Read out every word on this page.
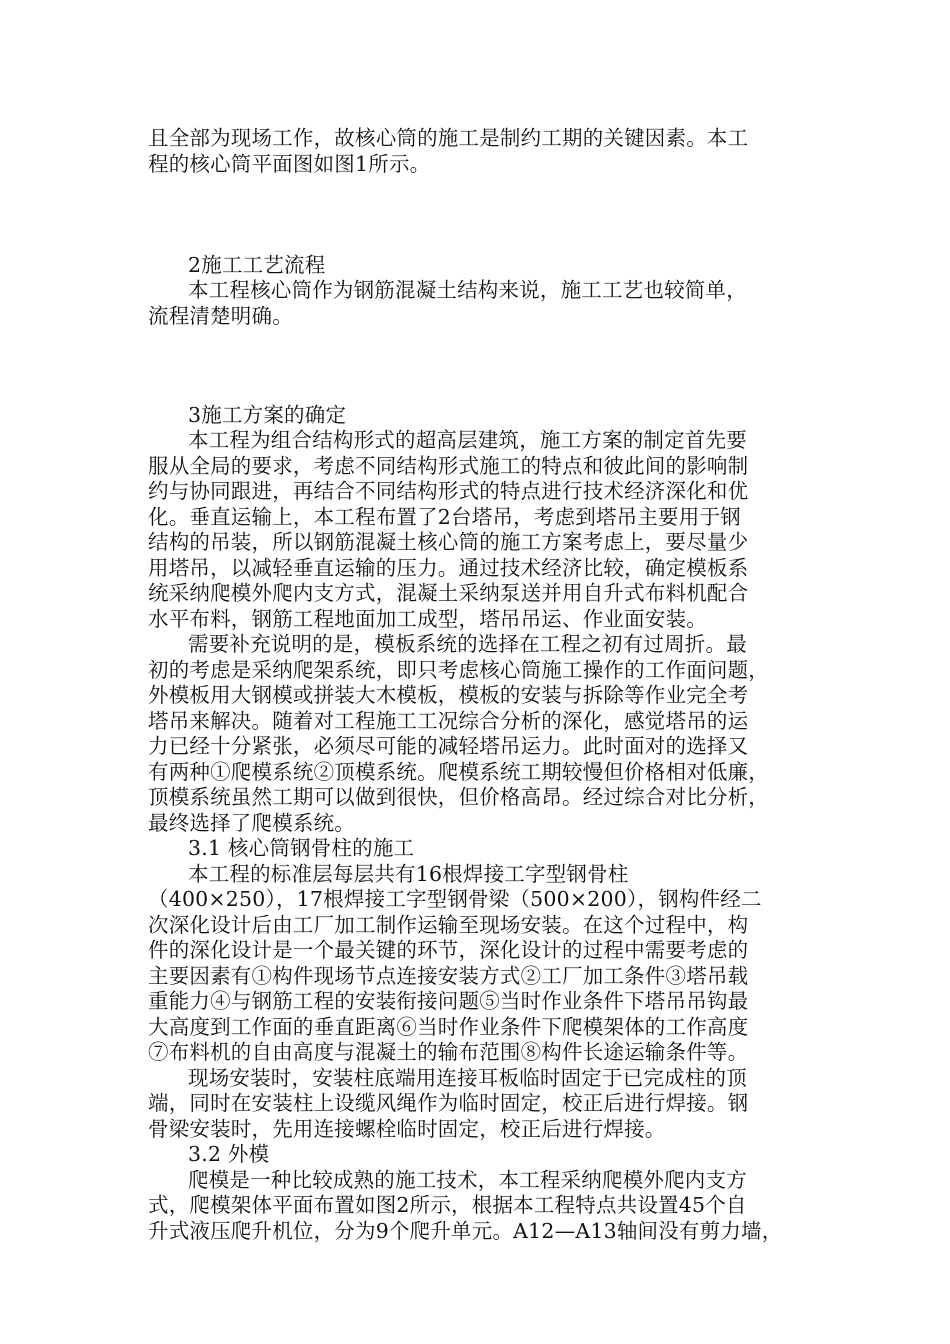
且全部为现场工作，故核心筒的施工是制约工期的关键因素。本工
程的核心筒平面图如图1所示。
2施工工艺流程
本工程核心筒作为钢筋混凝土结构来说，施工工艺也较简单，
流程清楚明确。
3施工方案的确定
本工程为组合结构形式的超高层建筑，施工方案的制定首先要
服从全局的要求，考虑不同结构形式施工的特点和彼此间的影响制
约与协同跟进，再结合不同结构形式的特点进行技术经济深化和优
化。垂直运输上，本工程布置了2台塔吊，考虑到塔吊主要用于钢
结构的吊装，所以钢筋混凝土核心筒的施工方案考虑上，要尽量少
用塔吊，以减轻垂直运输的压力。通过技术经济比较，确定模板系
统采纳爬模外爬内支方式，混凝土采纳泵送并用自升式布料机配合
水平布料，钢筋工程地面加工成型，塔吊吊运、作业面安装。
需要补充说明的是，模板系统的选择在工程之初有过周折。最
初的考虑是采纳爬架系统，即只考虑核心筒施工操作的工作面问题，
外模板用大钢模或拼装大木模板，模板的安装与拆除等作业完全考
塔吊来解决。随着对工程施工工况综合分析的深化，感觉塔吊的运
力已经十分紧张，必须尽可能的减轻塔吊运力。此时面对的选择又
有两种①爬模系统②顶模系统。爬模系统工期较慢但价格相对低廉，
顶模系统虽然工期可以做到很快，但价格高昂。经过综合对比分析，
最终选择了爬模系统。
3.1 核心筒钢骨柱的施工
本工程的标准层每层共有16根焊接工字型钢骨柱
（400×250），17根焊接工字型钢骨梁（500×200），钢构件经二
次深化设计后由工厂加工制作运输至现场安装。在这个过程中，构
件的深化设计是一个最关键的环节，深化设计的过程中需要考虑的
主要因素有①构件现场节点连接安装方式②工厂加工条件③塔吊载
重能力④与钢筋工程的安装衔接问题⑤当时作业条件下塔吊吊钩最
大高度到工作面的垂直距离⑥当时作业条件下爬模架体的工作高度
⑦布料机的自由高度与混凝土的输布范围⑧构件长途运输条件等。
现场安装时，安装柱底端用连接耳板临时固定于已完成柱的顶
端，同时在安装柱上设缆风绳作为临时固定，校正后进行焊接。钢
骨梁安装时，先用连接螺栓临时固定，校正后进行焊接。
3.2 外模
爬模是一种比较成熟的施工技术，本工程采纳爬模外爬内支方
式，爬模架体平面布置如图2所示，根据本工程特点共设置45个自
升式液压爬升机位，分为9个爬升单元。A12—A13轴间没有剪力墙，
